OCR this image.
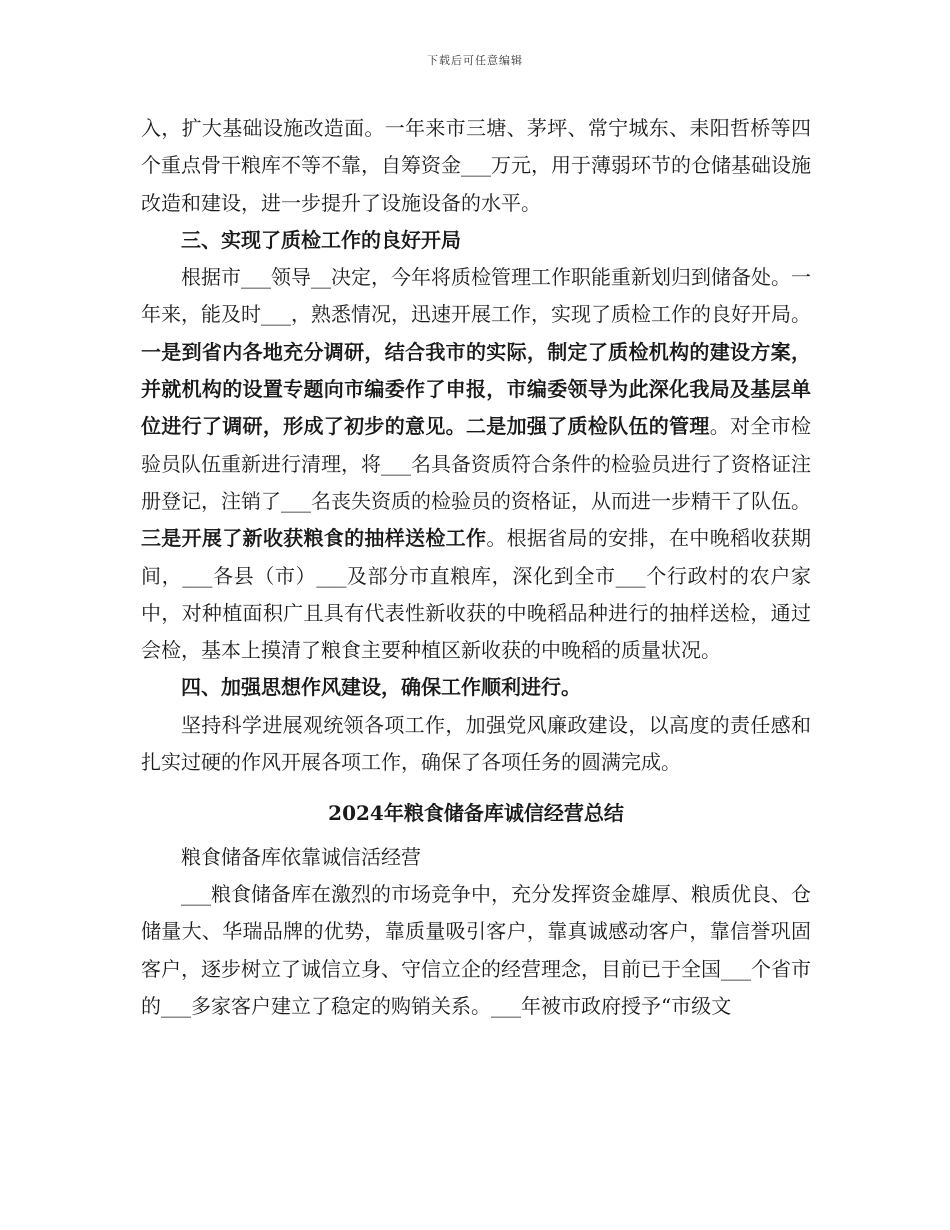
下载后可任意编辑

入，扩大基础设施改造面。一年来市三塘、茅坪、常宁城东、耒阳哲桥等四个重点骨干粮库不等不靠，自筹资金___万元，用于薄弱环节的仓储基础设施改造和建设，进一步提升了设施设备的水平。

三、实现了质检工作的良好开局

根据市___领导__决定，今年将质检管理工作职能重新划归到储备处。一年来，能及时___，熟悉情况，迅速开展工作，实现了质检工作的良好开局。一是到省内各地充分调研，结合我市的实际，制定了质检机构的建设方案，并就机构的设置专题向市编委作了申报，市编委领导为此深化我局及基层单位进行了调研，形成了初步的意见。二是加强了质检队伍的管理。对全市检验员队伍重新进行清理，将___名具备资质符合条件的检验员进行了资格证注册登记，注销了___名丧失资质的检验员的资格证，从而进一步精干了队伍。三是开展了新收获粮食的抽样送检工作。根据省局的安排，在中晚稻收获期间，___各县（市）___及部分市直粮库，深化到全市___个行政村的农户家中，对种植面积广且具有代表性新收获的中晚稻品种进行的抽样送检，通过会检，基本上摸清了粮食主要种植区新收获的中晚稻的质量状况。

四、加强思想作风建设，确保工作顺利进行。

坚持科学进展观统领各项工作，加强党风廉政建设，以高度的责任感和扎实过硬的作风开展各项工作，确保了各项任务的圆满完成。

2024年粮食储备库诚信经营总结

粮食储备库依靠诚信活经营

___粮食储备库在激烈的市场竞争中，充分发挥资金雄厚、粮质优良、仓储量大、华瑞品牌的优势，靠质量吸引客户，靠真诚感动客户，靠信誉巩固客户，逐步树立了诚信立身、守信立企的经营理念，目前已于全国___个省市的___多家客户建立了稳定的购销关系。___年被市政府授予“市级文
